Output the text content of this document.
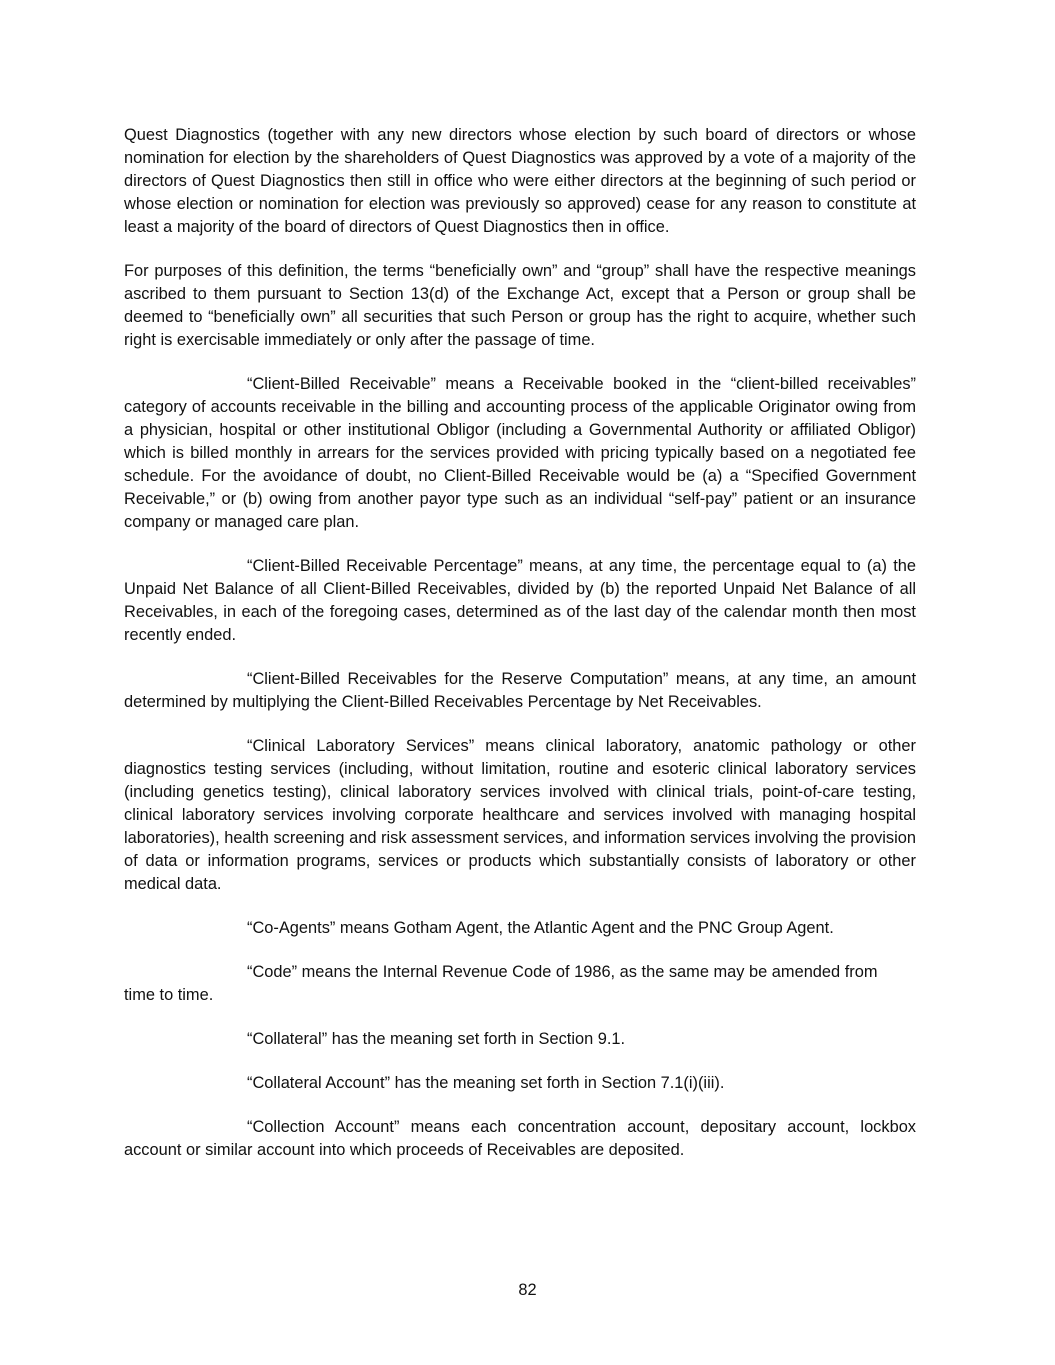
Quest Diagnostics (together with any new directors whose election by such board of directors or whose nomination for election by the shareholders of Quest Diagnostics was approved by a vote of a majority of the directors of Quest Diagnostics then still in office who were either directors at the beginning of such period or whose election or nomination for election was previously so approved) cease for any reason to constitute at least a majority of the board of directors of Quest Diagnostics then in office.

For purposes of this definition, the terms “beneficially own” and “group” shall have the respective meanings ascribed to them pursuant to Section 13(d) of the Exchange Act, except that a Person or group shall be deemed to “beneficially own” all securities that such Person or group has the right to acquire, whether such right is exercisable immediately or only after the passage of time.

“Client-Billed Receivable” means a Receivable booked in the “client-billed receivables” category of accounts receivable in the billing and accounting process of the applicable Originator owing from a physician, hospital or other institutional Obligor (including a Governmental Authority or affiliated Obligor) which is billed monthly in arrears for the services provided with pricing typically based on a negotiated fee schedule. For the avoidance of doubt, no Client-Billed Receivable would be (a) a “Specified Government Receivable,” or (b) owing from another payor type such as an individual “self-pay” patient or an insurance company or managed care plan.

“Client-Billed Receivable Percentage” means, at any time, the percentage equal to (a) the Unpaid Net Balance of all Client-Billed Receivables, divided by (b) the reported Unpaid Net Balance of all Receivables, in each of the foregoing cases, determined as of the last day of the calendar month then most recently ended.

“Client-Billed Receivables for the Reserve Computation” means, at any time, an amount determined by multiplying the Client-Billed Receivables Percentage by Net Receivables.

“Clinical Laboratory Services” means clinical laboratory, anatomic pathology or other diagnostics testing services (including, without limitation, routine and esoteric clinical laboratory services (including genetics testing), clinical laboratory services involved with clinical trials, point-of-care testing, clinical laboratory services involving corporate healthcare and services involved with managing hospital laboratories), health screening and risk assessment services, and information services involving the provision of data or information programs, services or products which substantially consists of laboratory or other medical data.

“Co-Agents” means Gotham Agent, the Atlantic Agent and the PNC Group Agent.

“Code” means the Internal Revenue Code of 1986, as the same may be amended from
time to time.

“Collateral” has the meaning set forth in Section 9.1.

“Collateral Account” has the meaning set forth in Section 7.1(i)(iii).

“Collection Account” means each concentration account, depositary account, lockbox account or similar account into which proceeds of Receivables are deposited.

82
